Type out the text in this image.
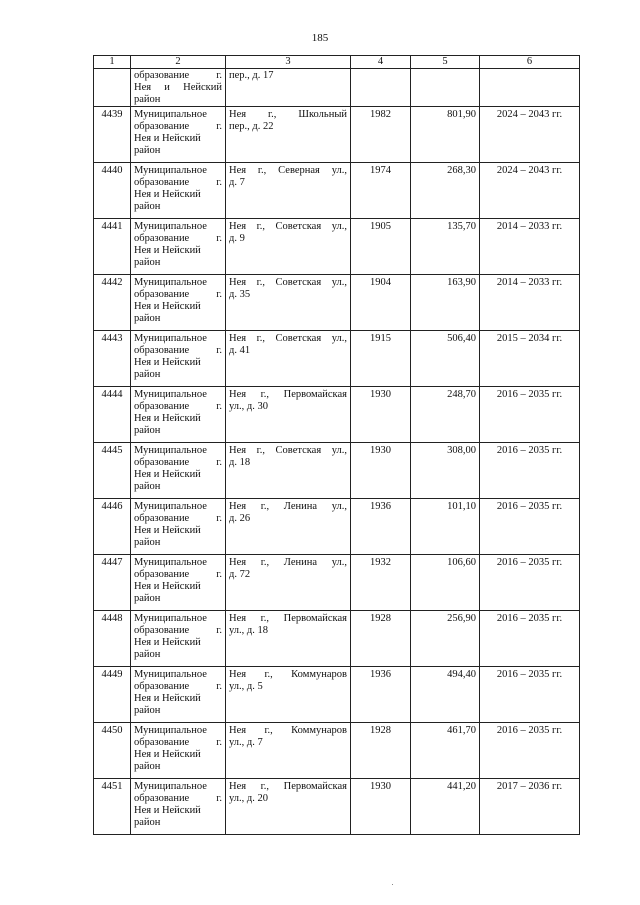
185
1	2	3	4	5	6

	образование г.
Нея и Нейский
район	пер., д. 17			

4439	Муниципальное
образование г.
Нея и Нейский
район	Нея г., Школьный
пер., д. 22	1982	801,90	2024 – 2043 гг.
4440	Муниципальное
образование г.
Нея и Нейский
район	Нея г., Северная ул.,
д. 7	1974	268,30	2024 – 2043 гг.
4441	Муниципальное
образование г.
Нея и Нейский
район	Нея г., Советская ул.,
д. 9	1905	135,70	2014 – 2033 гг.
4442	Муниципальное
образование г.
Нея и Нейский
район	Нея г., Советская ул.,
д. 35	1904	163,90	2014 – 2033 гг.
4443	Муниципальное
образование г.
Нея и Нейский
район	Нея г., Советская ул.,
д. 41	1915	506,40	2015 – 2034 гг.
4444	Муниципальное
образование г.
Нея и Нейский
район	Нея г., Первомайская
ул., д. 30	1930	248,70	2016 – 2035 гг.
4445	Муниципальное
образование г.
Нея и Нейский
район	Нея г., Советская ул.,
д. 18	1930	308,00	2016 – 2035 гг.
4446	Муниципальное
образование г.
Нея и Нейский
район	Нея г., Ленина ул.,
д. 26	1936	101,10	2016 – 2035 гг.
4447	Муниципальное
образование г.
Нея и Нейский
район	Нея г., Ленина ул.,
д. 72	1932	106,60	2016 – 2035 гг.
4448	Муниципальное
образование г.
Нея и Нейский
район	Нея г., Первомайская
ул., д. 18	1928	256,90	2016 – 2035 гг.
4449	Муниципальное
образование г.
Нея и Нейский
район	Нея г., Коммунаров
ул., д. 5	1936	494,40	2016 – 2035 гг.
4450	Муниципальное
образование г.
Нея и Нейский
район	Нея г., Коммунаров
ул., д. 7	1928	461,70	2016 – 2035 гг.
4451	Муниципальное
образование г.
Нея и Нейский
район	Нея г., Первомайская
ул., д. 20	1930	441,20	2017 – 2036 гг.
